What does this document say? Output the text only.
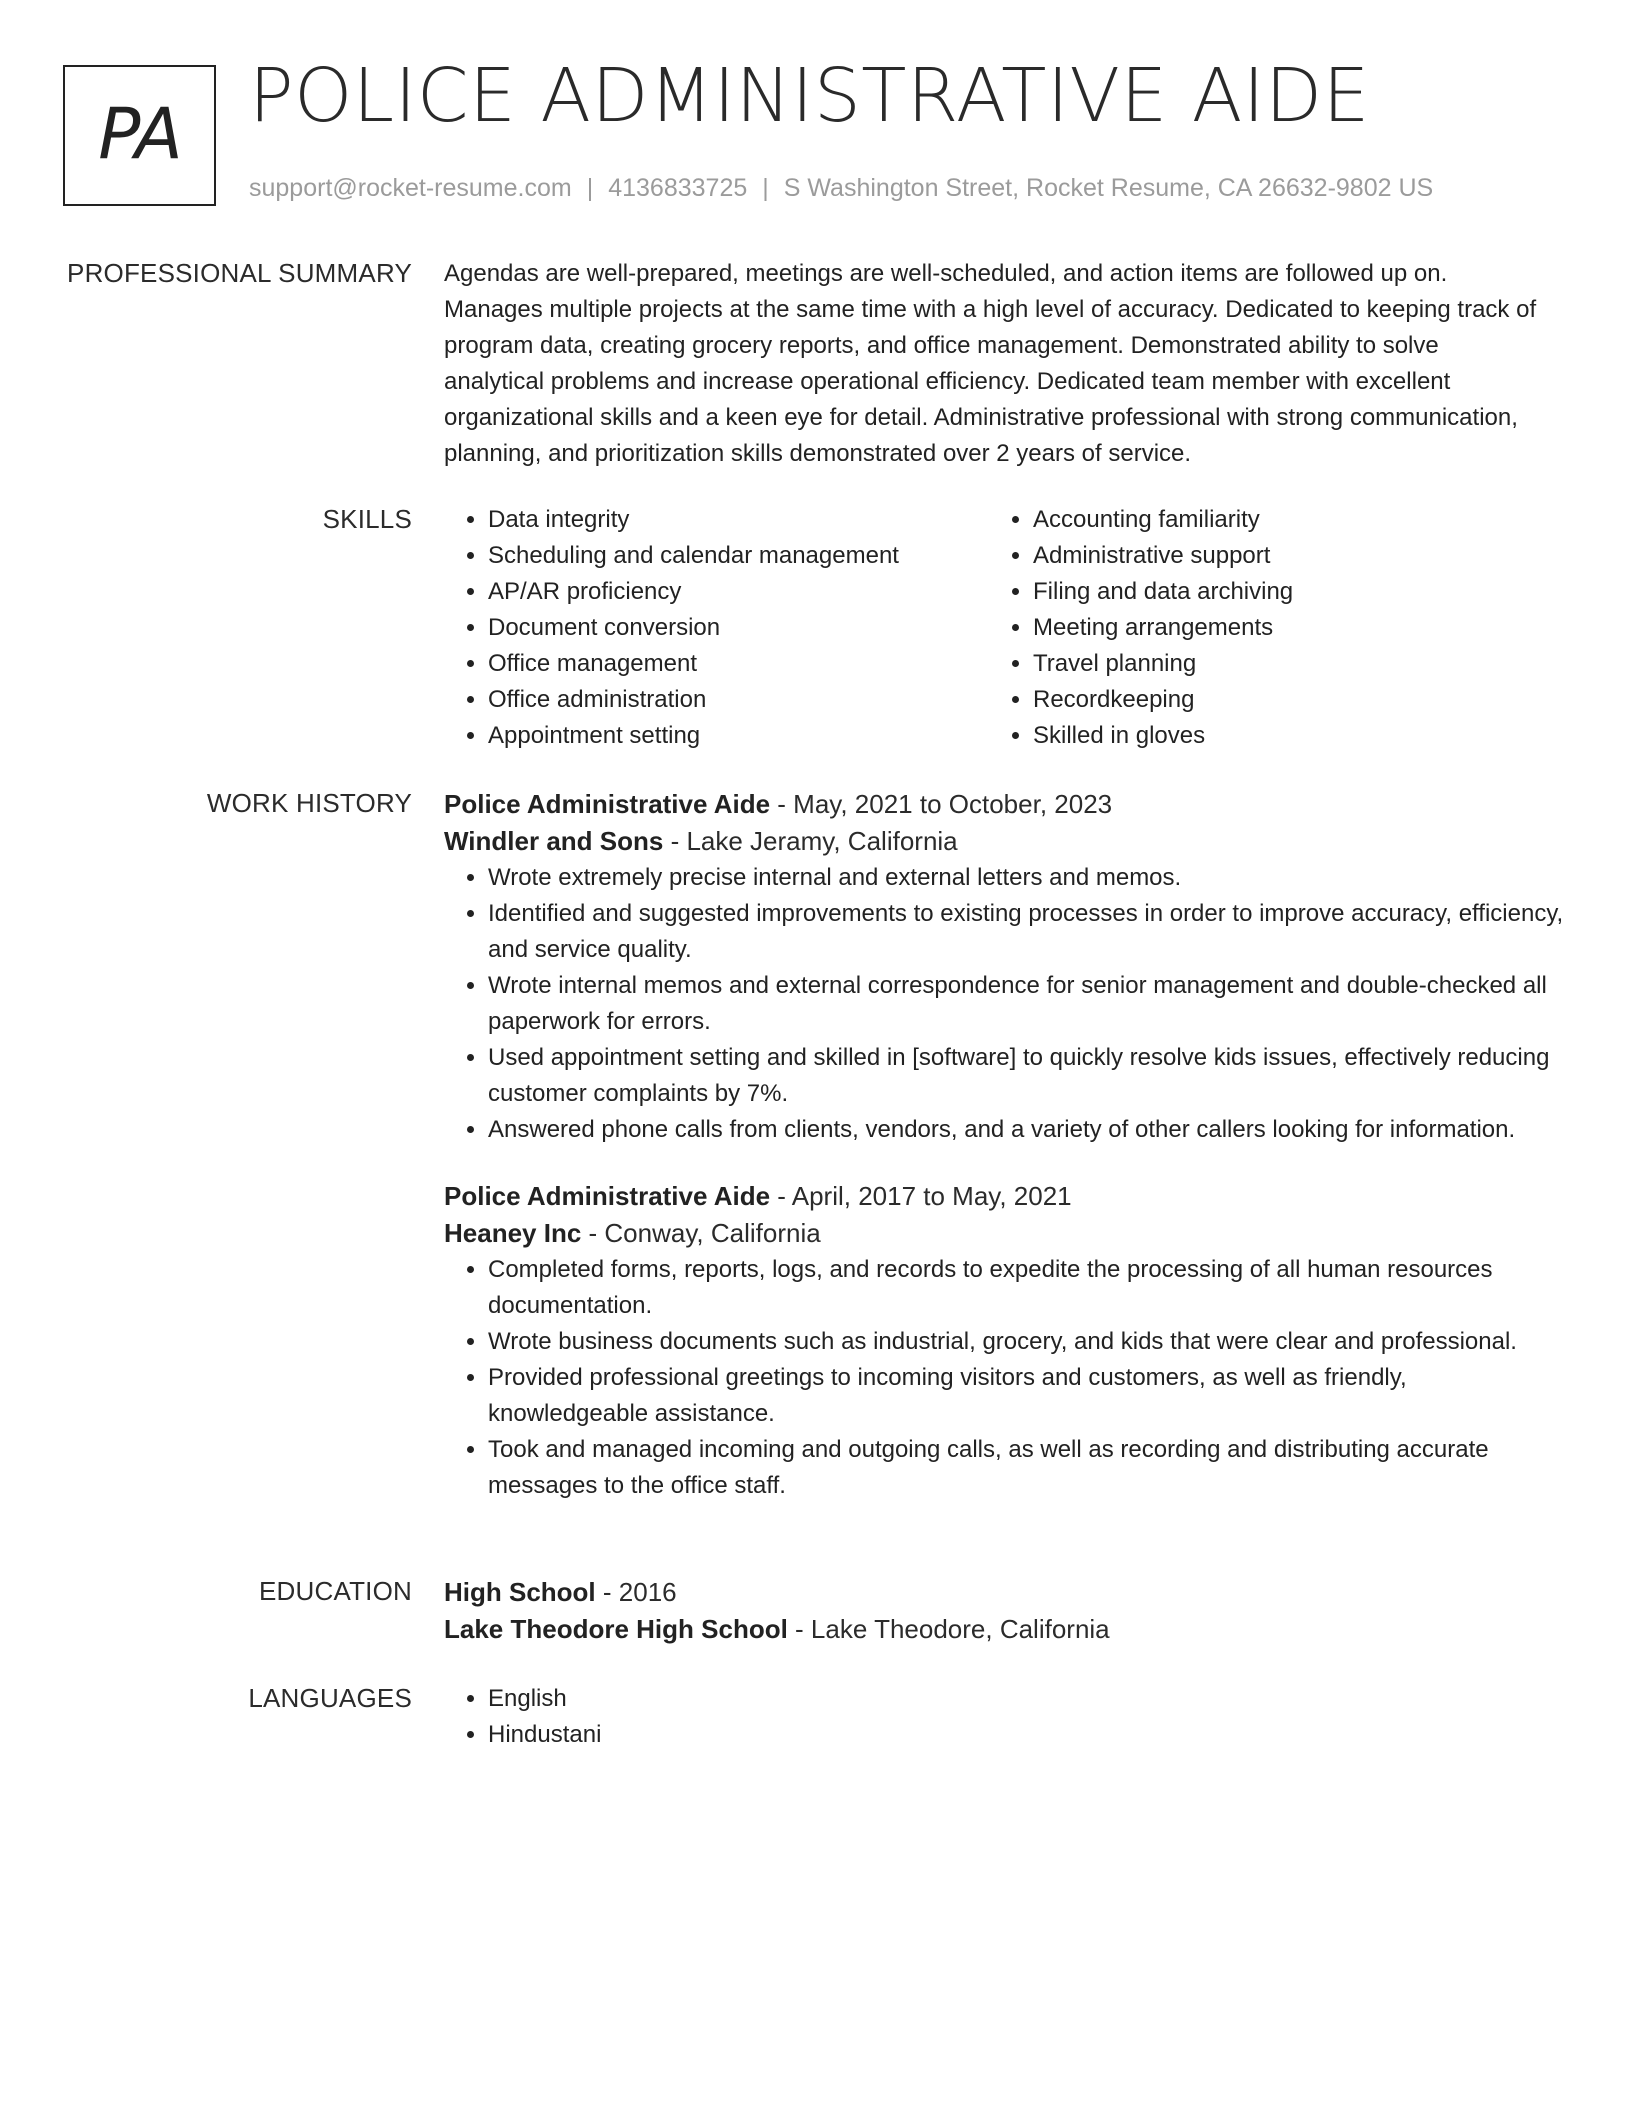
PA POLICE ADMINISTRATIVE AIDE
support@rocket-resume.com | 4136833725 | S Washington Street, Rocket Resume, CA 26632-9802 US
PROFESSIONAL SUMMARY Agendas are well-prepared, meetings are well-scheduled, and action items are followed up on. Manages multiple projects at the same time with a high level of accuracy. Dedicated to keeping track of program data, creating grocery reports, and office management. Demonstrated ability to solve analytical problems and increase operational efficiency. Dedicated team member with excellent organizational skills and a keen eye for detail. Administrative professional with strong communication, planning, and prioritization skills demonstrated over 2 years of service.

SKILLS	• Data integrity
• Scheduling and calendar management
• AP/AR proficiency
• Document conversion
• Office management
• Office administration
• Appointment setting
• Accounting familiarity
• Administrative support
• Filing and data archiving
• Meeting arrangements
• Travel planning
• Recordkeeping
• Skilled in gloves
WORK HISTORY Police Administrative Aide - May, 2021 to October, 2023
Windler and Sons - Lake Jeramy, California
• Wrote extremely precise internal and external letters and memos.
• Identified and suggested improvements to existing processes in order to improve accuracy, efficiency, and service quality.
• Wrote internal memos and external correspondence for senior management and double-checked all paperwork for errors.
• Used appointment setting and skilled in [software] to quickly resolve kids issues, effectively reducing customer complaints by 7%.
• Answered phone calls from clients, vendors, and a variety of other callers looking for information.
Police Administrative Aide - April, 2017 to May, 2021
Heaney Inc - Conway, California
• Completed forms, reports, logs, and records to expedite the processing of all human resources documentation.
• Wrote business documents such as industrial, grocery, and kids that were clear and professional.
• Provided professional greetings to incoming visitors and customers, as well as friendly, knowledgeable assistance.
• Took and managed incoming and outgoing calls, as well as recording and distributing accurate messages to the office staff.
EDUCATION High School - 2016
Lake Theodore High School - Lake Theodore, California
LANGUAGES	• English
• Hindustani
